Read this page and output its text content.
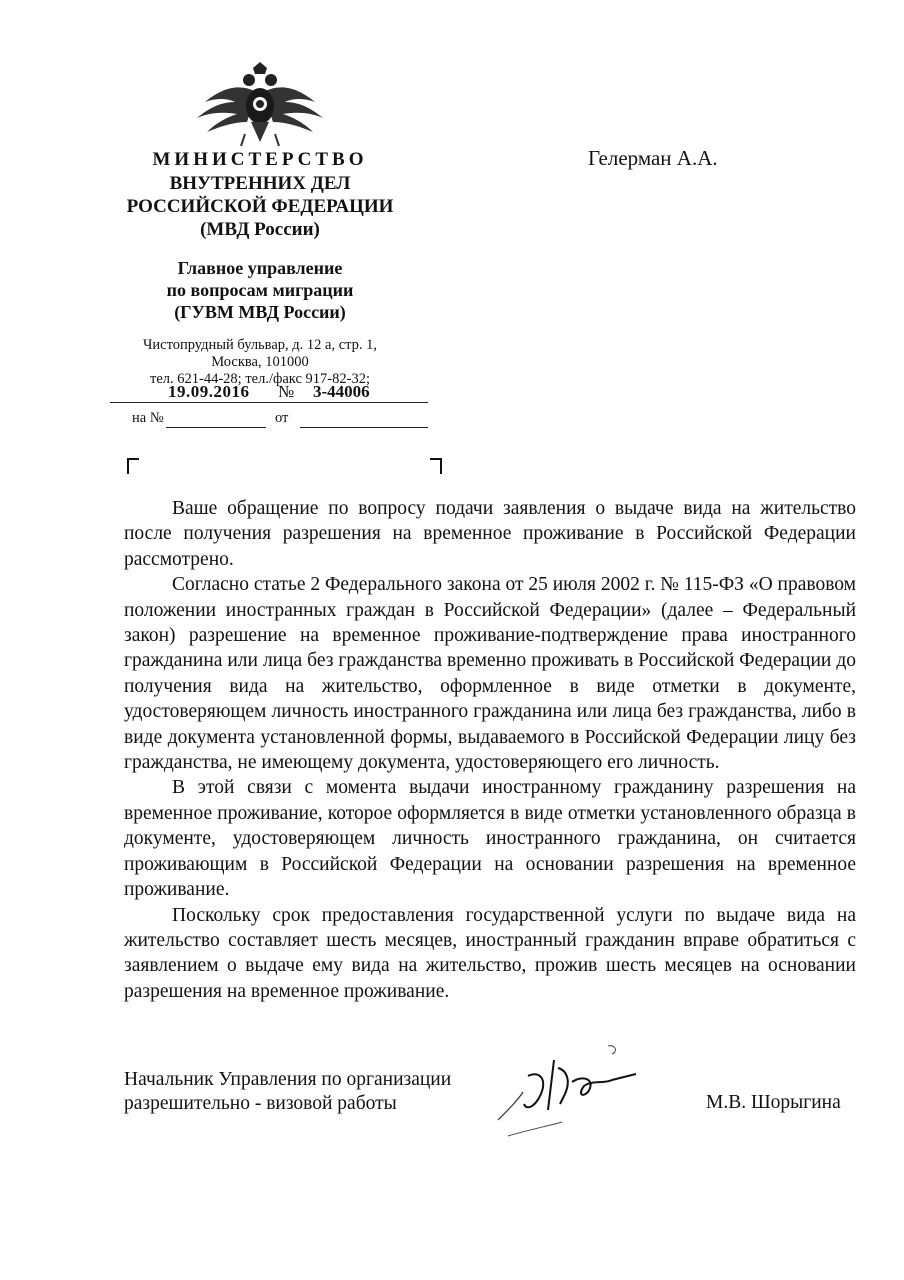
МИНИСТЕРСТВО
ВНУТРЕННИХ ДЕЛ
РОССИЙСКОЙ ФЕДЕРАЦИИ
(МВД России)
Главное управление
по вопросам миграции
(ГУВМ МВД России)
Чистопрудный бульвар, д. 12 а, стр. 1,
Москва, 101000
тел. 621-44-28; тел./факс 917-82-32;
19.09.2016 № 3-44006
на №	от
Гелерман А.А.

Ваше обращение по вопросу подачи заявления о выдаче вида на жительство после получения разрешения на временное проживание в Российской Федерации рассмотрено.

Согласно статье 2 Федерального закона от 25 июля 2002 г. № 115-ФЗ «О правовом положении иностранных граждан в Российской Федерации» (далее – Федеральный закон) разрешение на временное проживание-подтверждение права иностранного гражданина или лица без гражданства временно проживать в Российской Федерации до получения вида на жительство, оформленное в виде отметки в документе, удостоверяющем личность иностранного гражданина или лица без гражданства, либо в виде документа установленной формы, выдаваемого в Российской Федерации лицу без гражданства, не имеющему документа, удостоверяющего его личность.

В этой связи с момента выдачи иностранному гражданину разрешения на временное проживание, которое оформляется в виде отметки установленного образца в документе, удостоверяющем личность иностранного гражданина, он считается проживающим в Российской Федерации на основании разрешения на временное проживание.

Поскольку срок предоставления государственной услуги по выдаче вида на жительство составляет шесть месяцев, иностранный гражданин вправе обратиться с заявлением о выдаче ему вида на жительство, прожив шесть месяцев на основании разрешения на временное проживание.

Начальник Управления по организации
разрешительно - визовой работы	М.В. Шорыгина
